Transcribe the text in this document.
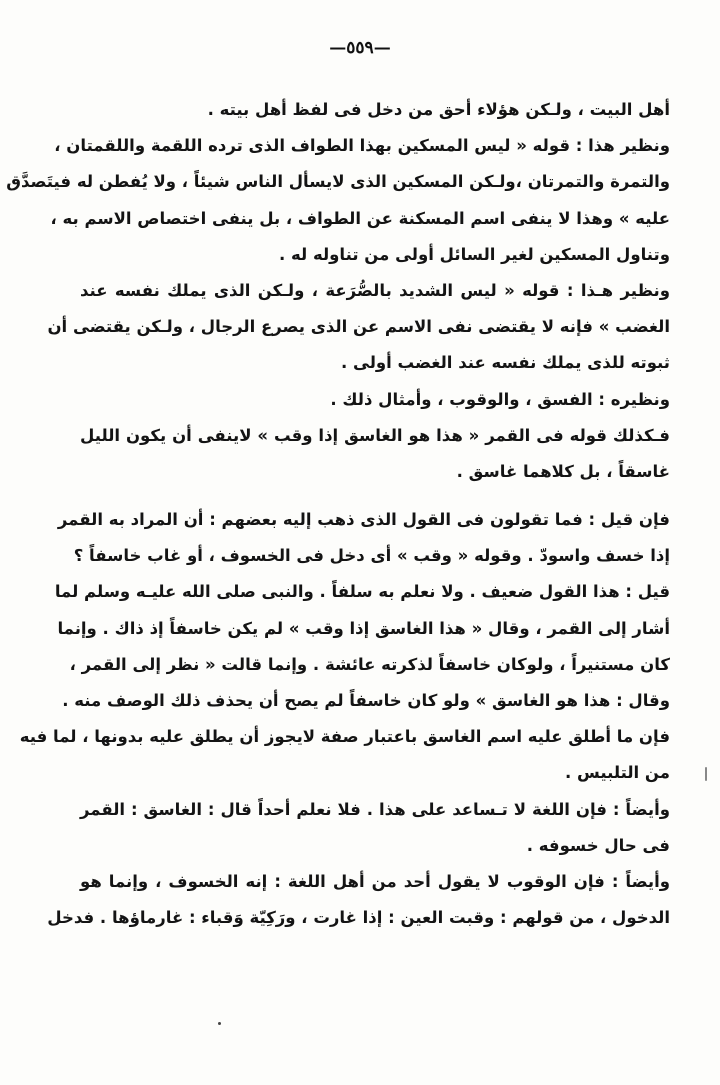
—٥٥٩—
أهل البيت ، ولـكن هؤلاء أحق من دخل فى لفظ أهل بيته .
ونظير هذا : قوله « ليس المسكين بهذا الطواف الذى ترده اللقمة واللقمتان ،
والتمرة والتمرتان ،ولـكن المسكين الذى لايسأل الناس شيئاً ، ولا يُفطن له فيتَصدَّق
عليه » وهذا لا ينفى اسم المسكنة عن الطواف ، بل ينفى اختصاص الاسم به ،
وتناول المسكين لغير السائل أولى من تناوله له .
ونظير هـذا : قوله « ليس الشديد بالصُّرَعة ، ولـكن الذى يملك نفسه عند
الغضب » فإنه لا يقتضى نفى الاسم عن الذى يصرع الرجال ، ولـكن يقتضى أن
ثبوته للذى يملك نفسه عند الغضب أولى .
ونظيره : الفسق ، والوقوب ، وأمثال ذلك .
فـكذلك قوله فى القمر « هذا هو الغاسق إذا وقب » لاينفى أن يكون الليل
غاسقاً ، بل كلاهما غاسق .
فإن قيل : فما تقولون فى القول الذى ذهب إليه بعضهم : أن المراد به القمر
إذا خسف واسودّ . وقوله « وقب » أى دخل فى الخسوف ، أو غاب خاسفاً ؟
قيل : هذا القول ضعيف . ولا نعلم به سلفاً . والنبى صلى الله عليـه وسلم لما
أشار إلى القمر ، وقال « هذا الغاسق إذا وقب » لم يكن خاسفاً إذ ذاك . وإنما
كان مستنيراً ، ولوكان خاسفاً لذكرته عائشة . وإنما قالت « نظر إلى القمر ،
وقال : هذا هو الغاسق » ولو كان خاسفاً لم يصح أن يحذف ذلك الوصف منه .
فإن ما أطلق عليه اسم الغاسق باعتبار صفة لايجوز أن يطلق عليه بدونها ، لما فيه
من التلبيس .
وأيضاً : فإن اللغة لا تـساعد على هذا . فلا نعلم أحداً قال : الغاسق : القمر
فى حال خسوفه .
وأيضاً : فإن الوقوب لا يقول أحد من أهل اللغة : إنه الخسوف ، وإنما هو
الدخول ، من قولهم : وقبت العين : إذا غارت ، ورَكِيّة وَقباء : غارماؤها . فدخل
